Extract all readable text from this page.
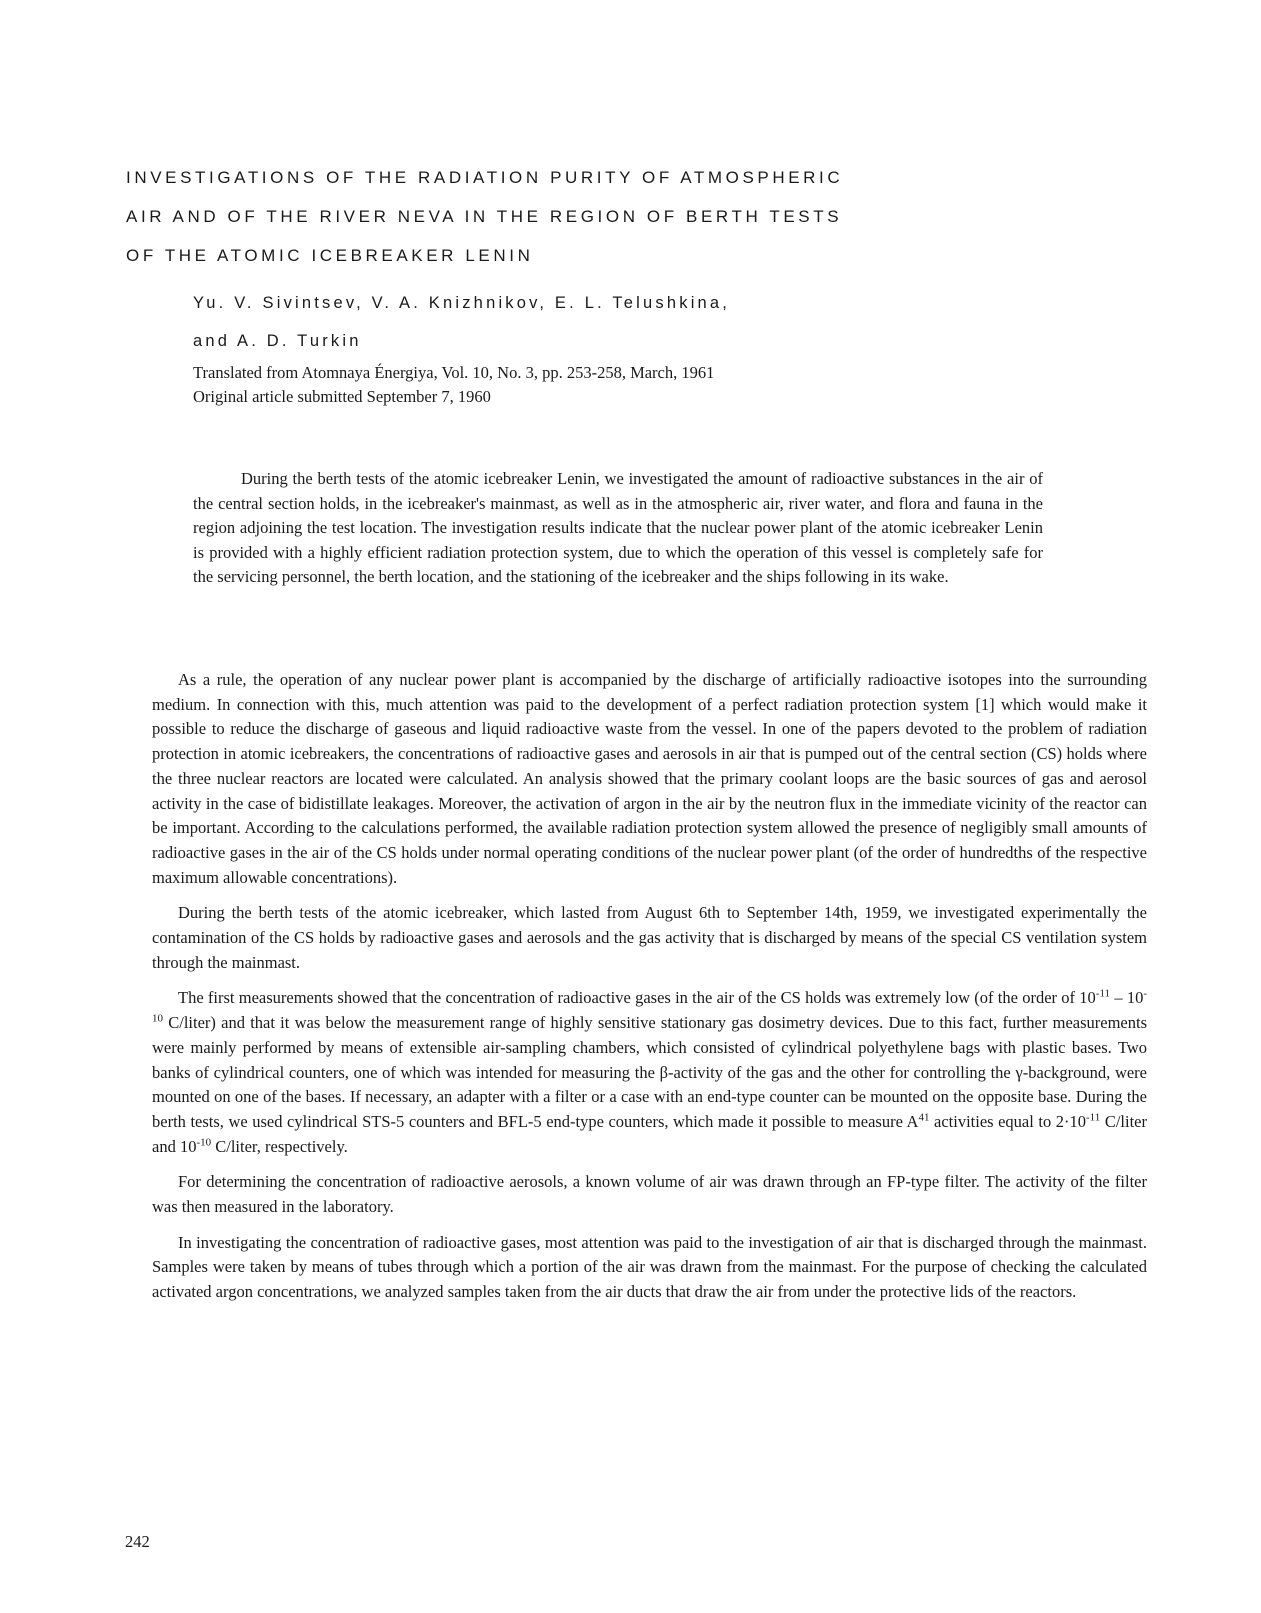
INVESTIGATIONS OF THE RADIATION PURITY OF ATMOSPHERIC
AIR AND OF THE RIVER NEVA IN THE REGION OF BERTH TESTS
OF THE ATOMIC ICEBREAKER LENIN
Yu. V. Sivintsev, V. A. Knizhnikov, E. L. Telushkina,
and A. D. Turkin
Translated from Atomnaya Énergiya, Vol. 10, No. 3, pp. 253-258, March, 1961
Original article submitted September 7, 1960

During the berth tests of the atomic icebreaker Lenin, we investigated the amount of radioactive substances in the air of the central section holds, in the icebreaker's mainmast, as well as in the atmospheric air, river water, and flora and fauna in the region adjoining the test location. The investigation results indicate that the nuclear power plant of the atomic icebreaker Lenin is provided with a highly efficient radiation protection system, due to which the operation of this vessel is completely safe for the servicing personnel, the berth location, and the stationing of the icebreaker and the ships following in its wake.

As a rule, the operation of any nuclear power plant is accompanied by the discharge of artificially radioactive isotopes into the surrounding medium. In connection with this, much attention was paid to the development of a perfect radiation protection system [1] which would make it possible to reduce the discharge of gaseous and liquid radioactive waste from the vessel. In one of the papers devoted to the problem of radiation protection in atomic icebreakers, the concentrations of radioactive gases and aerosols in air that is pumped out of the central section (CS) holds where the three nuclear reactors are located were calculated. An analysis showed that the primary coolant loops are the basic sources of gas and aerosol activity in the case of bidistillate leakages. Moreover, the activation of argon in the air by the neutron flux in the immediate vicinity of the reactor can be important. According to the calculations performed, the available radiation protection system allowed the presence of negligibly small amounts of radioactive gases in the air of the CS holds under normal operating conditions of the nuclear power plant (of the order of hundredths of the respective maximum allowable concentrations).

During the berth tests of the atomic icebreaker, which lasted from August 6th to September 14th, 1959, we investigated experimentally the contamination of the CS holds by radioactive gases and aerosols and the gas activity that is discharged by means of the special CS ventilation system through the mainmast.

The first measurements showed that the concentration of radioactive gases in the air of the CS holds was extremely low (of the order of $10^{-11} - 10^{-10}$ C/liter) and that it was below the measurement range of highly sensitive stationary gas dosimetry devices. Due to this fact, further measurements were mainly performed by means of extensible air-sampling chambers, which consisted of cylindrical polyethylene bags with plastic bases. Two banks of cylindrical counters, one of which was intended for measuring the β-activity of the gas and the other for controlling the γ-background, were mounted on one of the bases. If necessary, an adapter with a filter or a case with an end-type counter can be mounted on the opposite base. During the berth tests, we used cylindrical STS-5 counters and BFL-5 end-type counters, which made it possible to measure $A^{41}$ activities equal to $2\cdot 10^{-11}$ C/liter and $10^{-10}$ C/liter, respectively.

For determining the concentration of radioactive aerosols, a known volume of air was drawn through an FP-type filter. The activity of the filter was then measured in the laboratory.

In investigating the concentration of radioactive gases, most attention was paid to the investigation of air that is discharged through the mainmast. Samples were taken by means of tubes through which a portion of the air was drawn from the mainmast. For the purpose of checking the calculated activated argon concentrations, we analyzed samples taken from the air ducts that draw the air from under the protective lids of the reactors.

242
